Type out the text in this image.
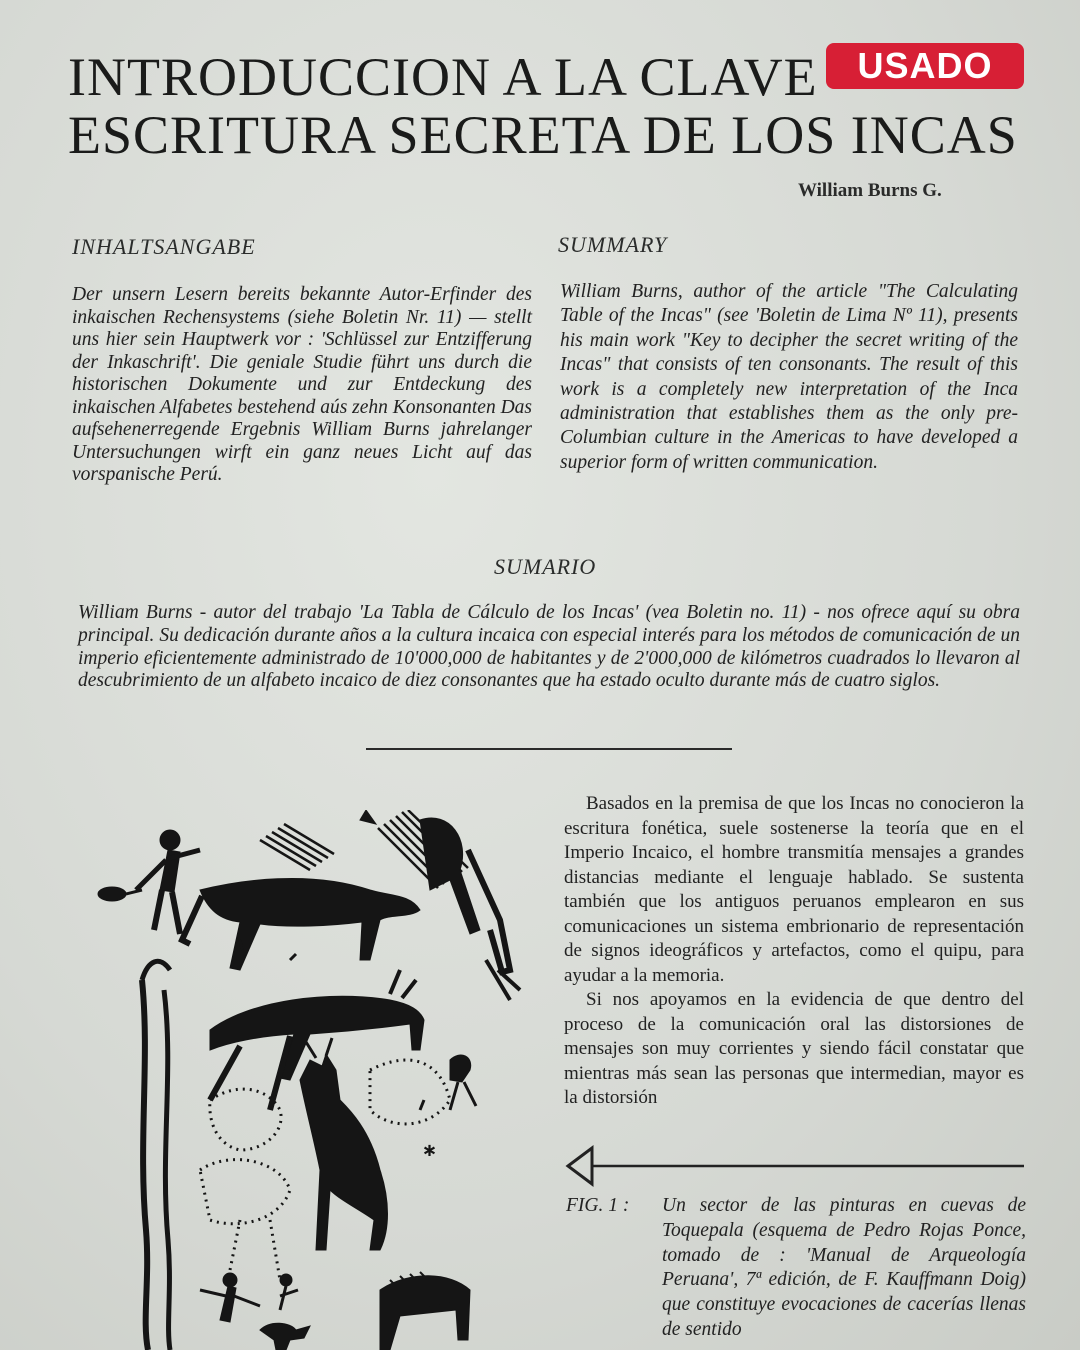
INTRODUCCION A LA CLAVE
ESCRITURA SECRETA DE LOS INCAS
USADO
William Burns G.
INHALTSANGABE
Der unsern Lesern bereits bekannte Autor-Erfinder des inkaischen Rechensystems (siehe Boletin Nr. 11) — stellt uns hier sein Hauptwerk vor : 'Schlüssel zur Entzifferung der Inkaschrift'. Die geniale Studie führt uns durch die historischen Dokumente und zur Entdeckung des inkaischen Alfabetes bestehend aús zehn Konsonanten Das aufsehenerregende Ergebnis William Burns jahrelanger Untersuchungen wirft ein ganz neues Licht auf das vorspanische Perú.
SUMMARY
William Burns, author of the article "The Calculating Table of the Incas" (see 'Boletin de Lima Nº 11), presents his main work "Key to decipher the secret writing of the Incas" that consists of ten consonants. The result of this work is a completely new interpretation of the Inca administration that establishes them as the only pre-Columbian culture in the Americas to have developed a superior form of written communication.
SUMARIO
William Burns - autor del trabajo 'La Tabla de Cálculo de los Incas' (vea Boletin no. 11) - nos ofrece aquí su obra principal. Su dedicación durante años a la cultura incaica con especial interés para los métodos de comunicación de un imperio eficientemente administrado de 10'000,000 de habitantes y de 2'000,000 de kilómetros cuadrados lo llevaron al descubrimiento de un alfabeto incaico de diez consonantes que ha estado oculto durante más de cuatro siglos.

Basados en la premisa de que los Incas no conocieron la escritura fonética, suele sostenerse la teoría que en el Imperio Incaico, el hombre transmitía mensajes a grandes distancias mediante el lenguaje hablado. Se sustenta también que los antiguos peruanos emplearon en sus comunicaciones un sistema embrionario de representación de signos ideográficos y artefactos, como el quipu, para ayudar a la memoria.

Si nos apoyamos en la evidencia de que dentro del proceso de la comunicación oral las distorsiones de mensajes son muy corrientes y siendo fácil constatar que mientras más sean las personas que intermedian, mayor es la distorsión

FIG. 1 : Un sector de las pinturas en cuevas de Toquepala (esquema de Pedro Rojas Ponce, tomado de : 'Manual de Arqueología Peruana', 7ª edición, de F. Kauffmann Doig) que constituye evocaciones de cacerías llenas de sentido
*
